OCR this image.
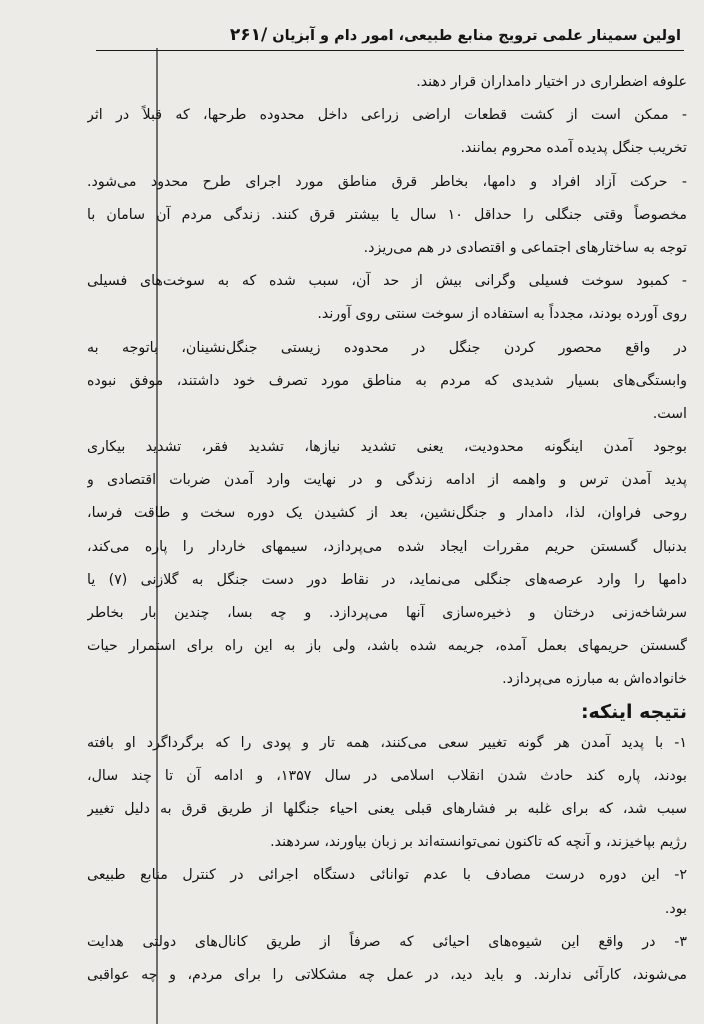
اولین سمینار علمی ترویج منابع طبیعی، امور دام و آبزیان /۲۶۱
علوفه اضطراری در اختیار دامداران قرار دهند.
- ممکن است از کشت قطعات اراضی زراعی داخل محدوده طرحها، که قبلاً در اثر
تخریب جنگل پدیده آمده محروم بمانند.
- حرکت آزاد افراد و دامها، بخاطر قرق مناطق مورد اجرای طرح محدود می‌شود.
مخصوصاً وقتی جنگلی را حداقل ۱۰ سال یا بیشتر قرق کنند. زندگی مردم آن سامان با
توجه به ساختارهای اجتماعی و اقتصادی در هم می‌ریزد.
- کمبود سوخت فسیلی وگرانی بیش از حد آن، سبب شده که به سوخت‌های فسیلی
روی آورده بودند، مجدداً به استفاده از سوخت سنتی روی آورند.
در واقع محصور کردن جنگل در محدوده زیستی جنگل‌نشینان، باتوجه به
وابستگی‌های بسیار شدیدی که مردم به مناطق مورد تصرف خود داشتند، موفق نبوده
است.
بوجود آمدن اینگونه محدودیت، یعنی تشدید نیازها، تشدید فقر، تشدید بیکاری
پدید آمدن ترس و واهمه از ادامه زندگی و در نهایت وارد آمدن ضربات اقتصادی و
روحی فراوان، لذا، دامدار و جنگل‌نشین، بعد از کشیدن یک دوره سخت و طاقت فرسا،
بدنبال گسستن حریم مقررات ایجاد شده می‌پردازد، سیمهای خاردار را پاره می‌کند،
دامها را وارد عرصه‌های جنگلی می‌نماید، در نقاط دور دست جنگل به گلازنی (۷) یا
سرشاخه‌زنی درختان و ذخیره‌سازی آنها می‌پردازد. و چه بسا، چندین بار بخاطر
گسستن حریمهای بعمل آمده، جریمه شده باشد، ولی باز به این راه برای استمرار حیات
خانواده‌اش به مبارزه می‌پردازد.
نتیجه اینکه:
۱- با پدید آمدن هر گونه تغییر سعی می‌کنند، همه تار و پودی را که برگرداگرد او بافته
بودند، پاره کند حادث شدن انقلاب اسلامی در سال ۱۳۵۷، و ادامه آن تا چند سال،
سبب شد، که برای غلبه بر فشارهای قبلی یعنی احیاء جنگلها از طریق قرق به دلیل تغییر
رژیم بپاخیزند، و آنچه که تاکنون نمی‌توانسته‌اند بر زبان بیاورند، سردهند.
۲- این دوره درست مصادف با عدم توانائی دستگاه اجرائی در کنترل منابع طبیعی
بود.
۳- در واقع این شیوه‌های احیائی که صرفاً از طریق کانال‌های دولتی هدایت
می‌شوند، کارآئی ندارند. و باید دید، در عمل چه مشکلاتی را برای مردم، و چه عواقبی
